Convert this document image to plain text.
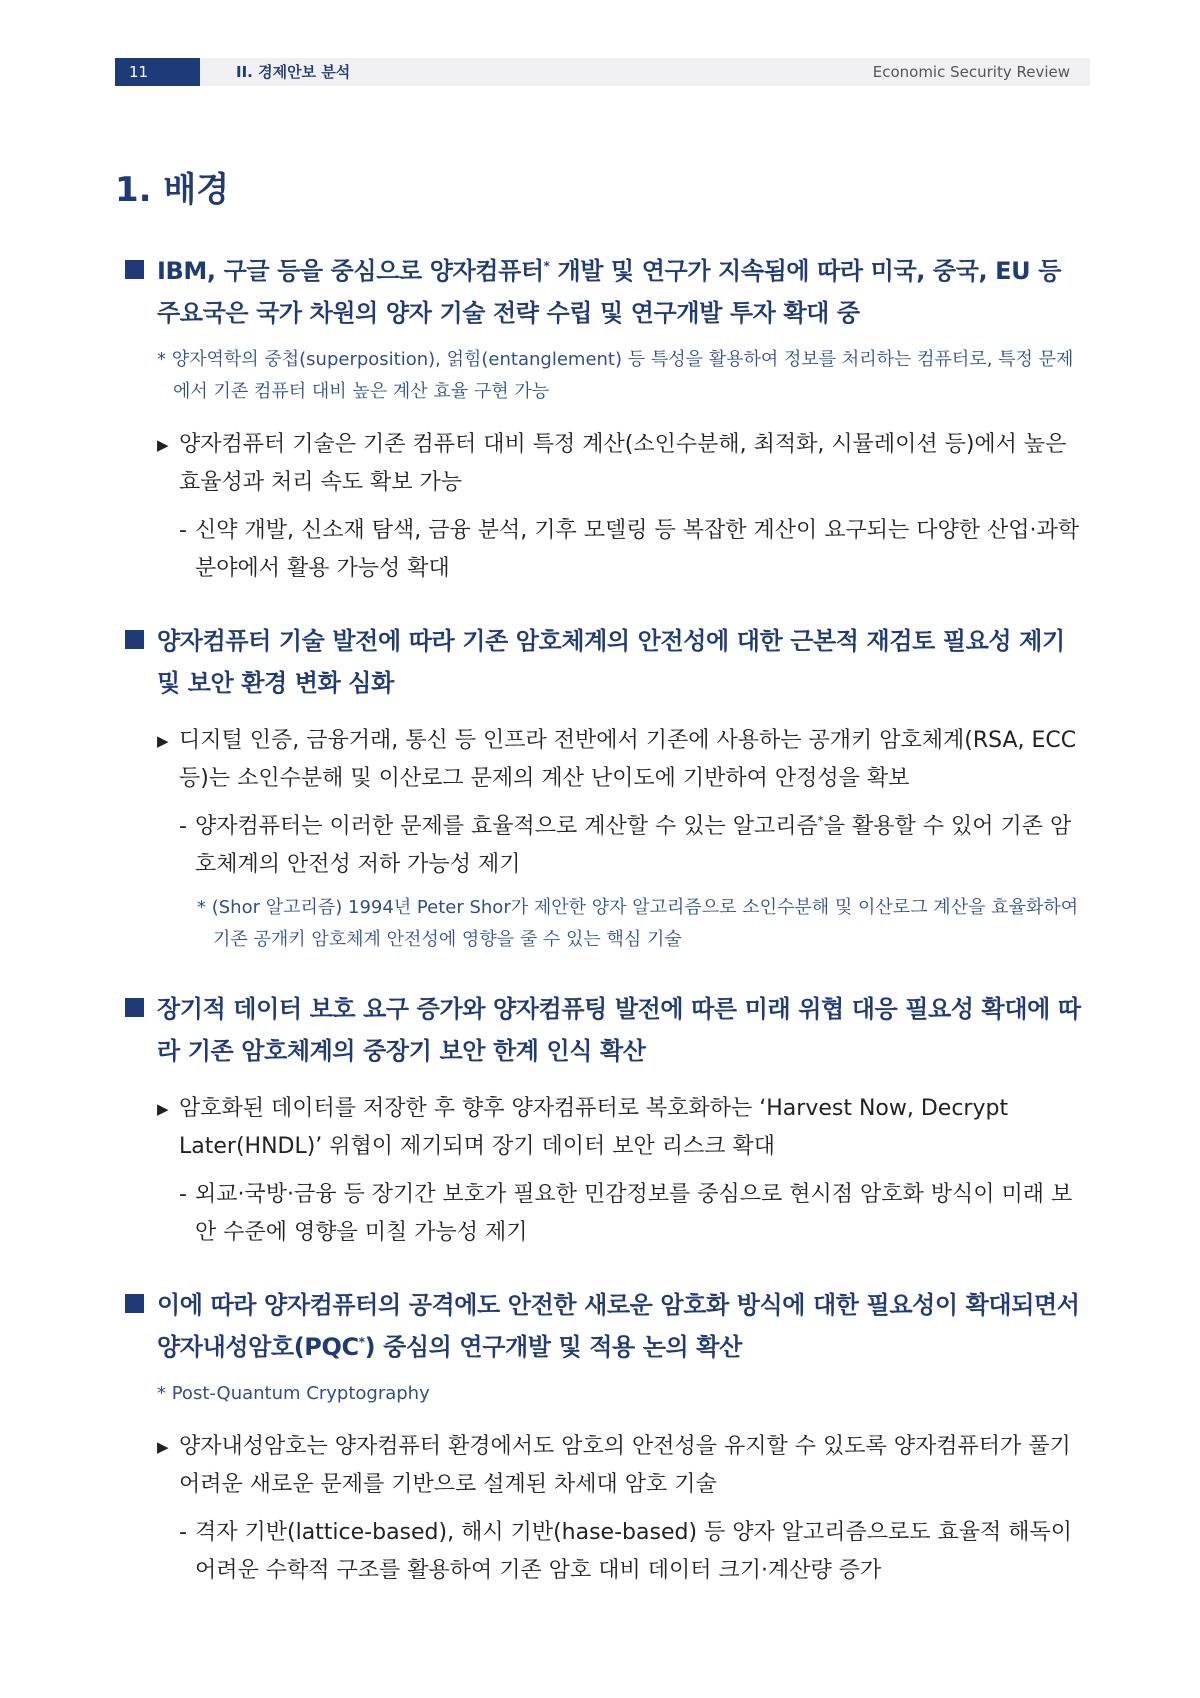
11	II. 경제안보 분석	Economic Security Review
1. 배경
IBM, 구글 등을 중심으로 양자컴퓨터* 개발 및 연구가 지속됨에 따라 미국, 중국, EU 등 주요국은 국가 차원의 양자 기술 전략 수립 및 연구개발 투자 확대 중
* 양자역학의 중첩(superposition), 얽힘(entanglement) 등 특성을 활용하여 정보를 처리하는 컴퓨터로, 특정 문제에서 기존 컴퓨터 대비 높은 계산 효율 구현 가능
▶ 양자컴퓨터 기술은 기존 컴퓨터 대비 특정 계산(소인수분해, 최적화, 시뮬레이션 등)에서 높은 효율성과 처리 속도 확보 가능
- 신약 개발, 신소재 탐색, 금융 분석, 기후 모델링 등 복잡한 계산이 요구되는 다양한 산업·과학 분야에서 활용 가능성 확대
양자컴퓨터 기술 발전에 따라 기존 암호체계의 안전성에 대한 근본적 재검토 필요성 제기 및 보안 환경 변화 심화
▶ 디지털 인증, 금융거래, 통신 등 인프라 전반에서 기존에 사용하는 공개키 암호체계(RSA, ECC 등)는 소인수분해 및 이산로그 문제의 계산 난이도에 기반하여 안정성을 확보
- 양자컴퓨터는 이러한 문제를 효율적으로 계산할 수 있는 알고리즘*을 활용할 수 있어 기존 암호체계의 안전성 저하 가능성 제기
* (Shor 알고리즘) 1994년 Peter Shor가 제안한 양자 알고리즘으로 소인수분해 및 이산로그 계산을 효율화하여 기존 공개키 암호체계 안전성에 영향을 줄 수 있는 핵심 기술
장기적 데이터 보호 요구 증가와 양자컴퓨팅 발전에 따른 미래 위협 대응 필요성 확대에 따라 기존 암호체계의 중장기 보안 한계 인식 확산
▶ 암호화된 데이터를 저장한 후 향후 양자컴퓨터로 복호화하는 ‘Harvest Now, Decrypt Later(HNDL)’ 위협이 제기되며 장기 데이터 보안 리스크 확대
- 외교·국방·금융 등 장기간 보호가 필요한 민감정보를 중심으로 현시점 암호화 방식이 미래 보안 수준에 영향을 미칠 가능성 제기
이에 따라 양자컴퓨터의 공격에도 안전한 새로운 암호화 방식에 대한 필요성이 확대되면서 양자내성암호(PQC*) 중심의 연구개발 및 적용 논의 확산
* Post-Quantum Cryptography
▶ 양자내성암호는 양자컴퓨터 환경에서도 암호의 안전성을 유지할 수 있도록 양자컴퓨터가 풀기 어려운 새로운 문제를 기반으로 설계된 차세대 암호 기술
- 격자 기반(lattice-based), 해시 기반(hase-based) 등 양자 알고리즘으로도 효율적 해독이 어려운 수학적 구조를 활용하여 기존 암호 대비 데이터 크기·계산량 증가
